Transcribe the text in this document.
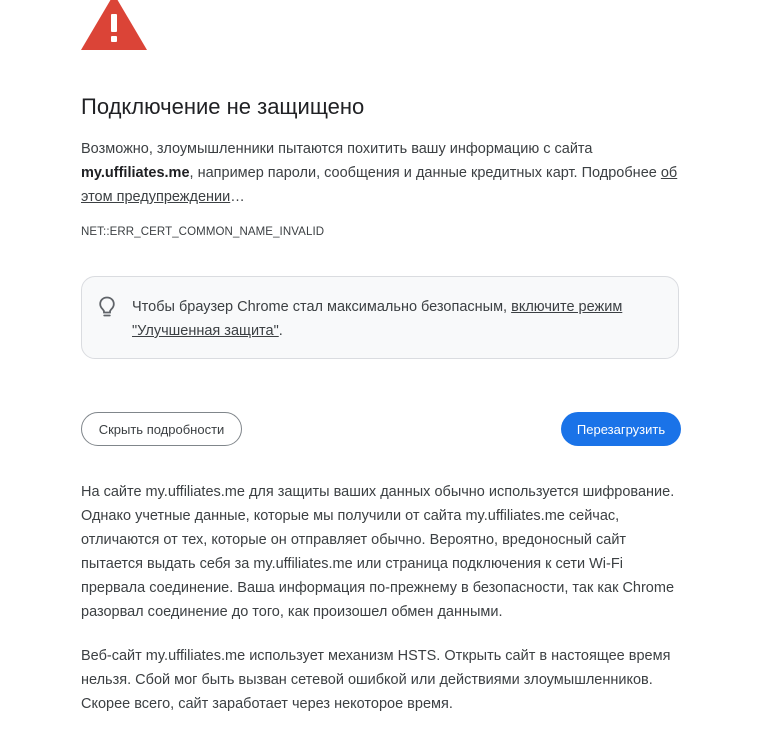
Подключение не защищено

Возможно, злоумышленники пытаются похитить вашу информацию с сайта my.uffiliates.me, например пароли, сообщения и данные кредитных карт. Подробнее об этом предупреждении…

NET::ERR_CERT_COMMON_NAME_INVALID

Чтобы браузер Chrome стал максимально безопасным, включите режим "Улучшенная защита".

Скрыть подробности	Перезагрузить

На сайте my.uffiliates.me для защиты ваших данных обычно используется шифрование. Однако учетные данные, которые мы получили от сайта my.uffiliates.me сейчас, отличаются от тех, которые он отправляет обычно. Вероятно, вредоносный сайт пытается выдать себя за my.uffiliates.me или страница подключения к сети Wi-Fi прервала соединение. Ваша информация по-прежнему в безопасности, так как Chrome разорвал соединение до того, как произошел обмен данными.

Веб-сайт my.uffiliates.me использует механизм HSTS. Открыть сайт в настоящее время нельзя. Сбой мог быть вызван сетевой ошибкой или действиями злоумышленников. Скорее всего, сайт заработает через некоторое время.
